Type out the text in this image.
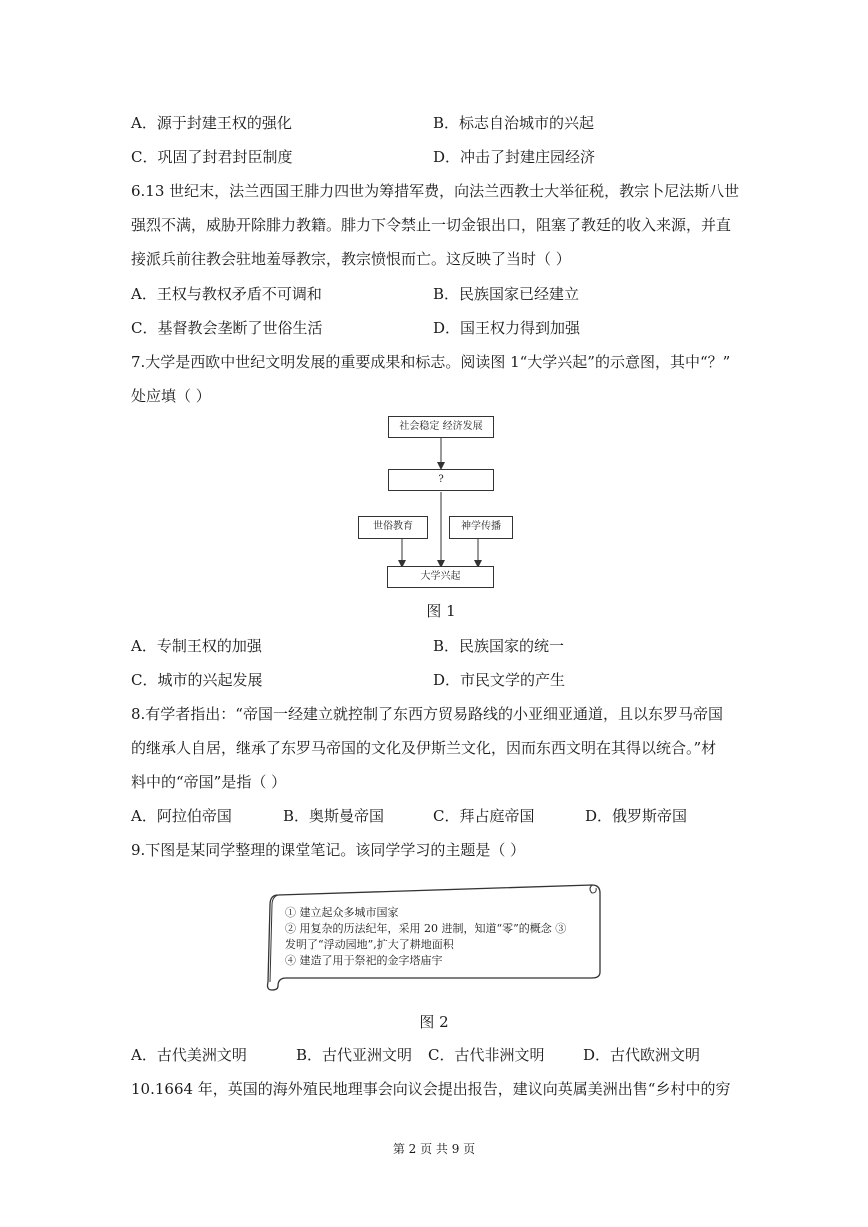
A．源于封建王权的强化	B．标志自治城市的兴起
C．巩固了封君封臣制度	D．冲击了封建庄园经济
6.13 世纪末，法兰西国王腓力四世为筹措军费，向法兰西教士大举征税，教宗卜尼法斯八世
强烈不满，威胁开除腓力教籍。腓力下令禁止一切金银出口，阻塞了教廷的收入来源，并直
接派兵前往教会驻地羞辱教宗，教宗愤恨而亡。这反映了当时（ ）
A．王权与教权矛盾不可调和	B．民族国家已经建立
C．基督教会垄断了世俗生活	D．国王权力得到加强
7.大学是西欧中世纪文明发展的重要成果和标志。阅读图 1“大学兴起”的示意图，其中“？”
处应填（ ）
社会稳定 经济发展
?
世俗教育	神学传播
大学兴起
图 1
A．专制王权的加强	B．民族国家的统一
C．城市的兴起发展	D．市民文学的产生
8.有学者指出：“帝国一经建立就控制了东西方贸易路线的小亚细亚通道，且以东罗马帝国
的继承人自居，继承了东罗马帝国的文化及伊斯兰文化，因而东西文明在其得以统合。”材
料中的“帝国”是指（ ）
A．阿拉伯帝国	B．奥斯曼帝国	C．拜占庭帝国	D．俄罗斯帝国
9.下图是某同学整理的课堂笔记。该同学学习的主题是（ ）
① 建立起众多城市国家
② 用复杂的历法纪年，采用 20 进制，知道“零”的概念 ③
发明了“浮动园地”,扩大了耕地面积
④ 建造了用于祭祀的金字塔庙宇
图 2
A．古代美洲文明	B．古代亚洲文明 C．古代非洲文明	D．古代欧洲文明
10.1664 年，英国的海外殖民地理事会向议会提出报告，建议向英属美洲出售“乡村中的穷
第 2 页 共 9 页
